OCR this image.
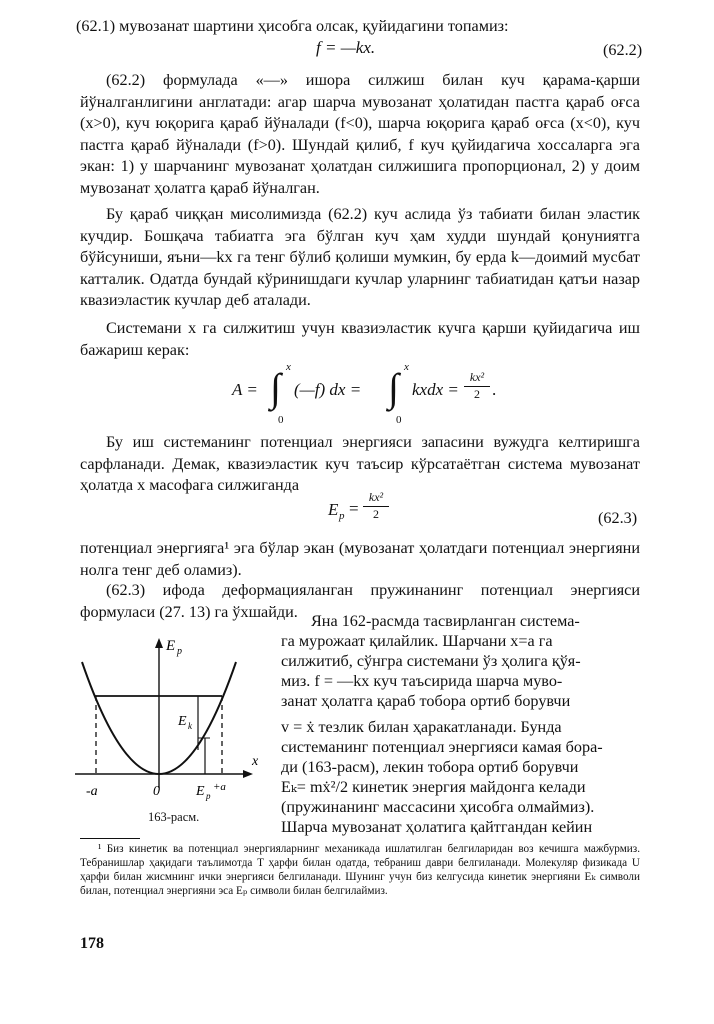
(62.1) мувозанат шартини ҳисобга олсак, қуйидагини топамиз:
f = —kx.	(62.2)

(62.2) формулада «—» ишора силжиш билан куч қарама-қарши йўналганлигини англатади: агар шарча мувозанат ҳолатидан пастга қараб оғса (x>0), куч юқорига қараб йўналади (f<0), шарча юқорига қараб оғса (x<0), куч пастга қараб йўналади (f>0). Шундай қилиб, f куч қуйидагича хоссаларга эга экан: 1) у шарчанинг мувозанат ҳолатдан силжишига пропорционал, 2) у доим мувозанат ҳолатга қараб йўналган.

Бу қараб чиққан мисолимизда (62.2) куч аслида ўз табиати билан эластик кучдир. Бошқача табиатга эга бўлган куч ҳам худди шундай қонуниятга бўйсуниши, яъни—kx га тенг бўлиб қолиши мумкин, бу ерда k—доимий мусбат катталик. Одатда бундай кўринишдаги кучлар уларнинг табиатидан қатъи назар квазиэластик кучлар деб аталади.

Системани x га силжитиш учун квазиэластик кучга қарши қуйидагича иш бажариш керак:

A = ∫ x
0
(—f) dx = ∫ x
0
kxdx = $\frac{\text{kx²}}{2}$ .

Бу иш системанинг потенциал энергияси запасини вужудга келтиришга сарфланади. Демак, квазиэластик куч таъсир кўрсатаётган система мувозанат ҳолатда x масофага силжиганда

E $p = \frac{\text{kx²}}{2}$	(62.3)

потенциал энергияга¹ эга бўлар экан (мувозанат ҳолатдаги потенциал энергияни нолга тенг деб оламиз).

(62.3) ифода деформацияланган пружинанинг потенциал энергияси формуласи (27. 13) га ўхшайди.

Яна 162-расмда тасвирланган система-
га мурожаат қилайлик. Шарчани x=a га
силжитиб, сўнгра системани ўз ҳолига қўя-
миз. f = —kx куч таъсирида шарча муво-
занат ҳолатга қараб тобора ортиб борувчи
v = ẋ тезлик билан ҳаракатланади. Бунда
системанинг потенциал энергияси камая бора-
ди (163-расм), лекин тобора ортиб борувчи
Eₖ= mẋ²/2 кинетик энергия майдонга келади
(пружинанинг массасини ҳисобга олмаймиз).
Шарча мувозанат ҳолатига қайтгандан кейин
E p
E k
x
-a	0	E p
+a
163-расм.

¹ Биз кинетик ва потенциал энергияларнинг механикада ишлатилган белгиларидан воз кечишга мажбурмиз. Тебранишлар ҳақидаги таълимотда T ҳарфи билан одатда, тебраниш даври белгиланади. Молекуляр физикада U ҳарфи билан жисмнинг ички энергияси белгиланади. Шунинг учун биз келгусида кинетик энергияни Eₖ символи билан, потенциал энергияни эса Eₚ символи билан белгилаймиз.

178
